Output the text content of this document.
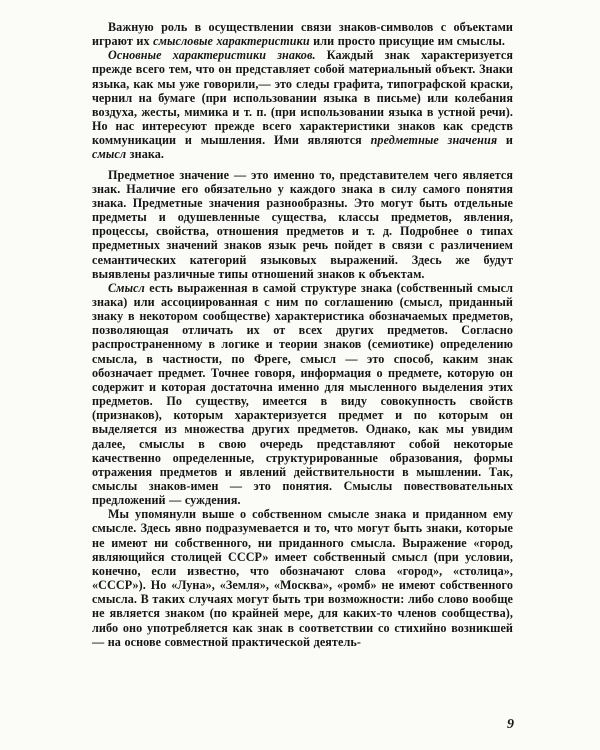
Важную роль в осуществлении связи знаков-символов с объектами играют их смысловые характеристики или просто присущие им смыслы.

Основные характеристики знаков. Каждый знак характеризуется прежде всего тем, что он представляет собой материальный объект. Знаки языка, как мы уже говорили,— это следы графита, типографской краски, чернил на бумаге (при использовании языка в письме) или колебания воздуха, жесты, мимика и т. п. (при использовании языка в устной речи). Но нас интересуют прежде всего характеристики знаков как средств коммуникации и мышления. Ими являются предметные значения и смысл знака.

Предметное значение — это именно то, представителем чего является знак. Наличие его обязательно у каждого знака в силу самого понятия знака. Предметные значения разнообразны. Это могут быть отдельные предметы и одушевленные существа, классы предметов, явления, процессы, свойства, отношения предметов и т. д. Подробнее о типах предметных значений знаков язык речь пойдет в связи с различением семантических категорий языковых выражений. Здесь же будут выявлены различные типы отношений знаков к объектам.

Смысл есть выраженная в самой структуре знака (собственный смысл знака) или ассоциированная с ним по соглашению (смысл, приданный знаку в некотором сообществе) характеристика обозначаемых предметов, позволяющая отличать их от всех других предметов. Согласно распространенному в логике и теории знаков (семиотике) определению смысла, в частности, по Фреге, смысл — это способ, каким знак обозначает предмет. Точнее говоря, информация о предмете, которую он содержит и которая достаточна именно для мысленного выделения этих предметов. По существу, имеется в виду совокупность свойств (признаков), которым характеризуется предмет и по которым он выделяется из множества других предметов. Однако, как мы увидим далее, смыслы в свою очередь представляют собой некоторые качественно определенные, структурированные образования, формы отражения предметов и явлений действительности в мышлении. Так, смыслы знаков-имен — это понятия. Смыслы повествовательных предложений — суждения.

Мы упомянули выше о собственном смысле знака и приданном ему смысле. Здесь явно подразумевается и то, что могут быть знаки, которые не имеют ни собственного, ни приданного смысла. Выражение «город, являющийся столицей СССР» имеет собственный смысл (при условии, конечно, если известно, что обозначают слова «город», «столица», «СССР»). Но «Луна», «Земля», «Москва», «ромб» не имеют собственного смысла. В таких случаях могут быть три возможности: либо слово вообще не является знаком (по крайней мере, для каких-то членов сообщества), либо оно употребляется как знак в соответствии со стихийно возникшей — на основе совместной практической деятель-

9
